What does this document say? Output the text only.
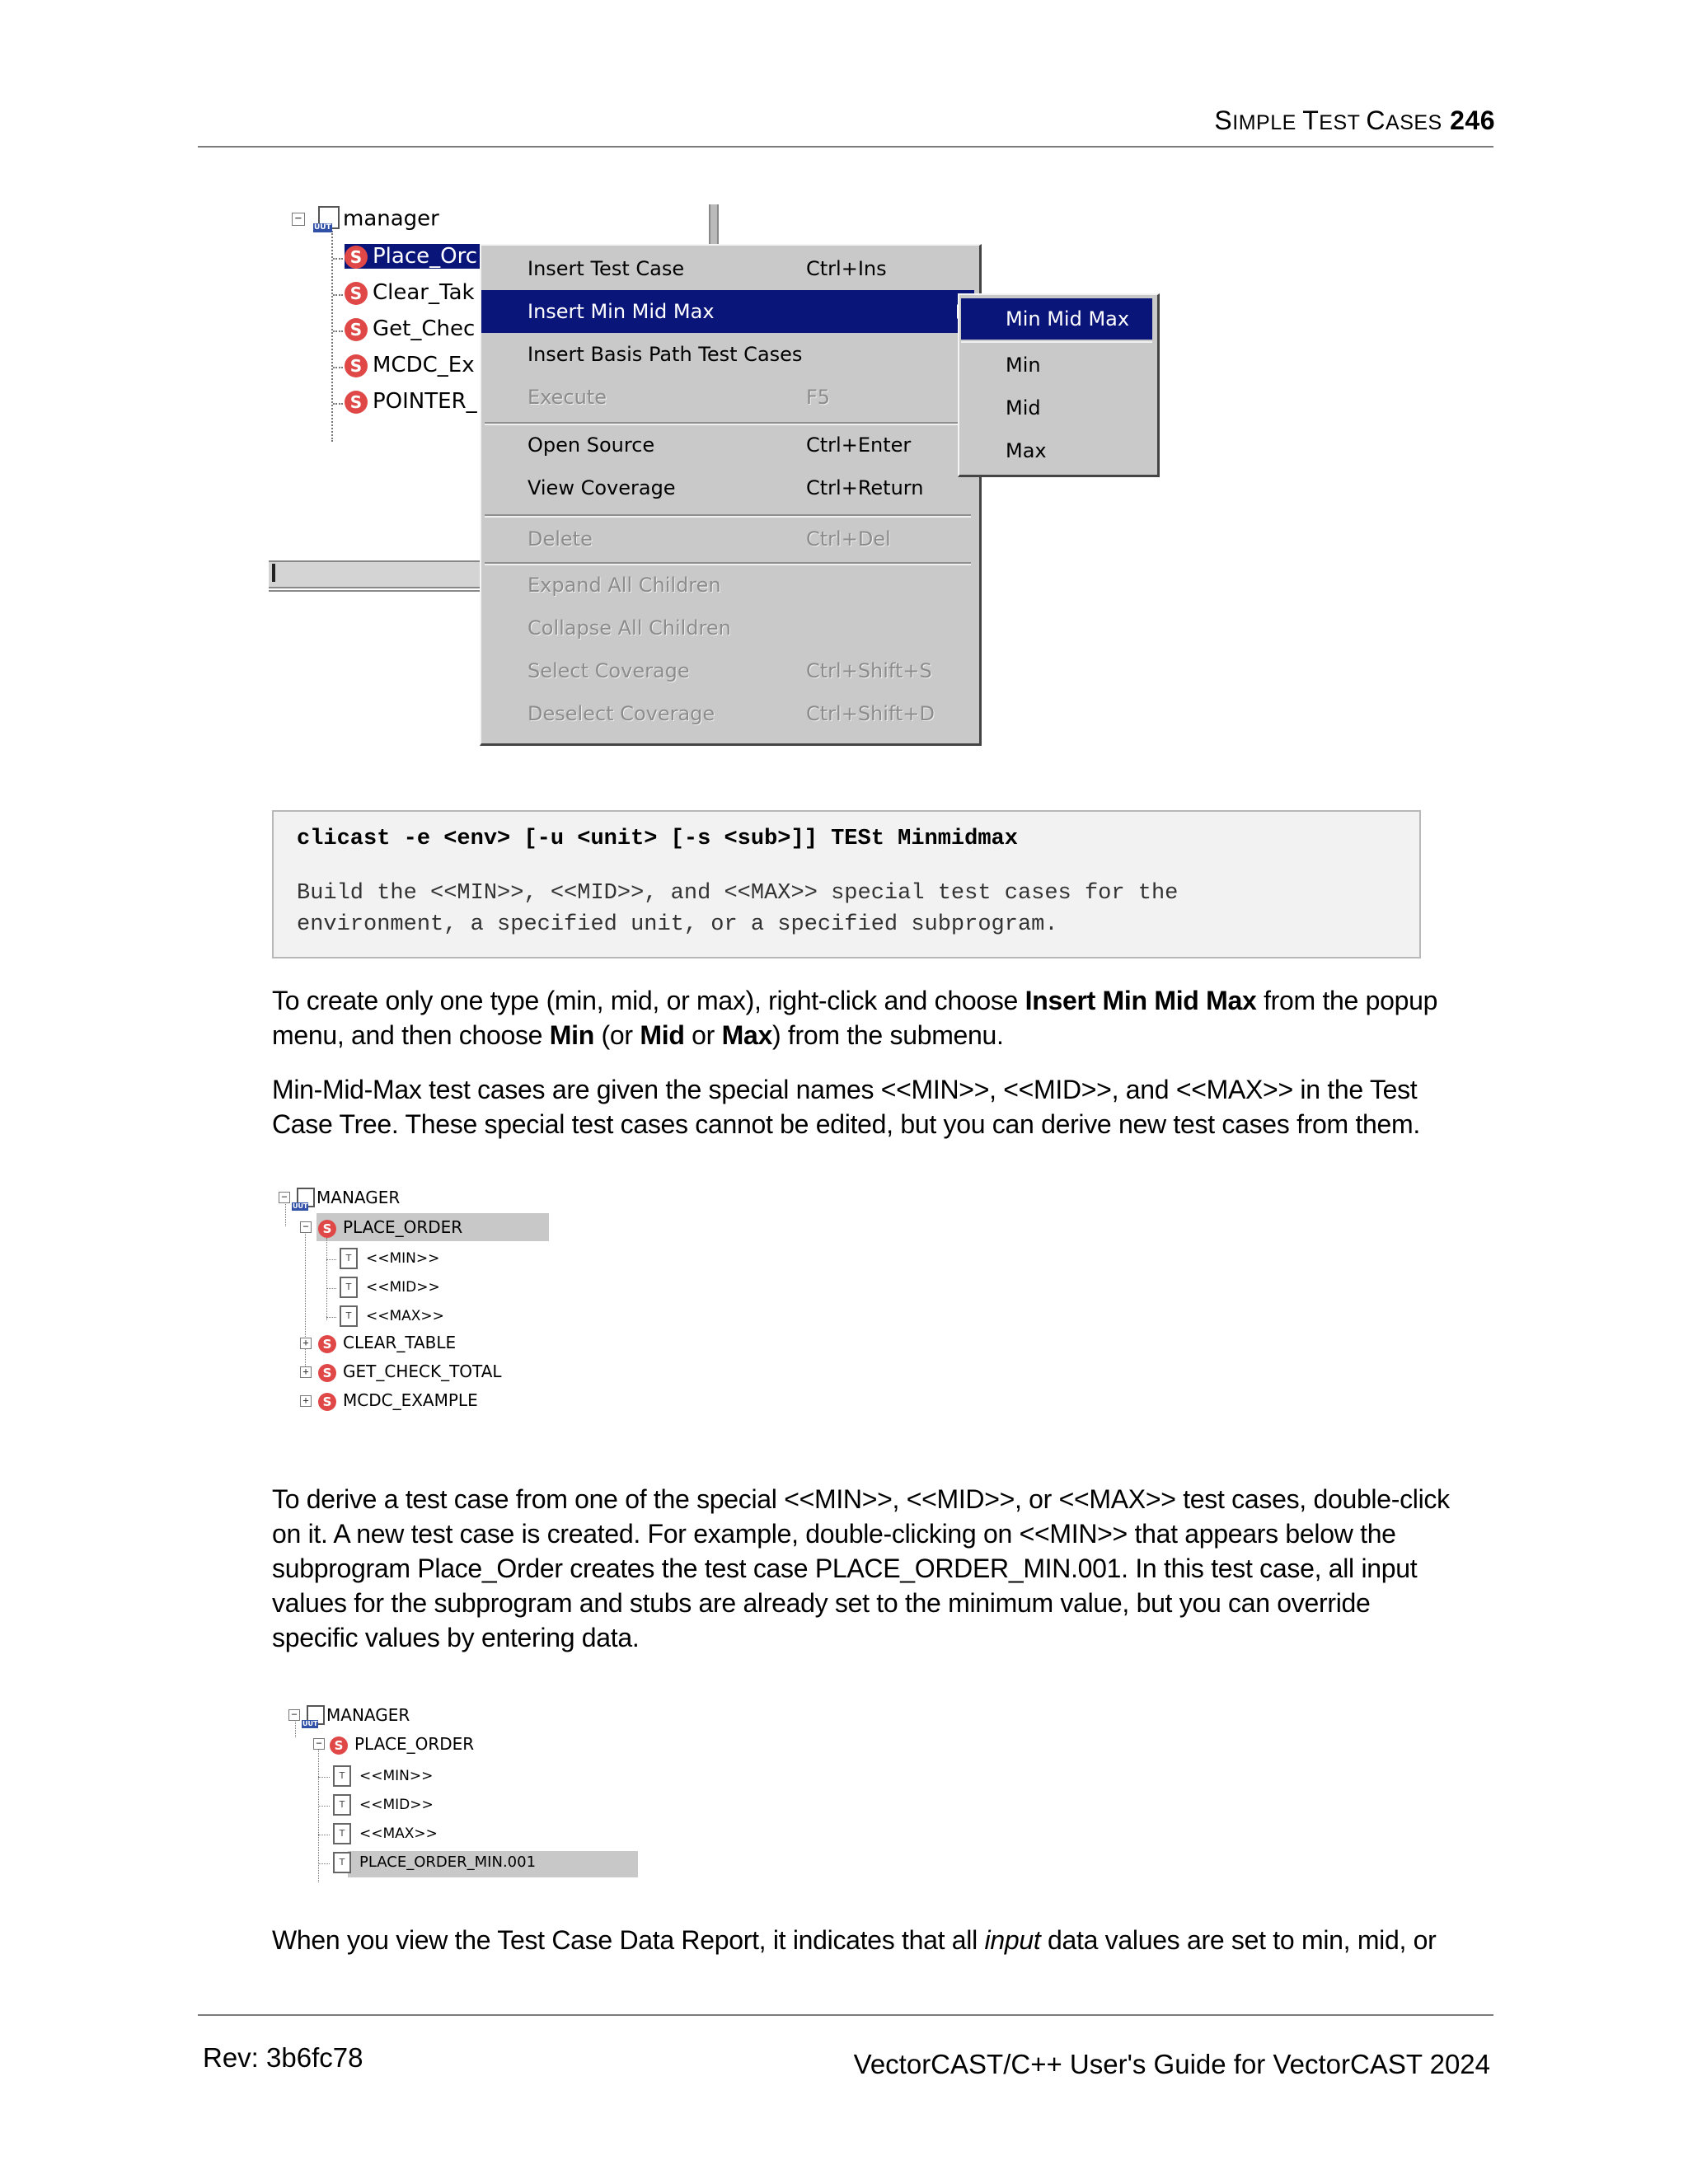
SIMPLE TEST CASES 246
−
UUT manager
S Place_Orc
S Clear_Tak
S Get_Chec
S MCDC_Ex
S POINTER_
Insert Test Case	Ctrl+Ins
Insert Min Mid Max
Insert Basis Path Test Cases
Execute	F5
Open Source	Ctrl+Enter
View Coverage	Ctrl+Return
Delete	Ctrl+Del
Expand All Children
Collapse All Children
Select Coverage	Ctrl+Shift+S
Deselect Coverage	Ctrl+Shift+D
Min Mid Max
Min
Mid
Max
clicast -e <env> [-u <unit> [-s <sub>]] TESt Minmidmax
Build the <<MIN>>, <<MID>>, and <<MAX>> special test cases for the
environment, a specified unit, or a specified subprogram.
To create only one type (min, mid, or max), right-click and choose Insert Min Mid Max from the popup menu, and then choose Min (or Mid or Max) from the submenu.
Min-Mid-Max test cases are given the special names <<MIN>>, <<MID>>, and <<MAX>> in the Test Case Tree. These special test cases cannot be edited, but you can derive new test cases from them.
−
UUT MANAGER
−	S PLACE_ORDER
T <<MIN>>
T <<MID>>
T <<MAX>>
+	S CLEAR_TABLE
+	S GET_CHECK_TOTAL
+	S MCDC_EXAMPLE
To derive a test case from one of the special <<MIN>>, <<MID>>, or <<MAX>> test cases, double-click on it. A new test case is created. For example, double-clicking on <<MIN>> that appears below the subprogram Place_Order creates the test case PLACE_ORDER_MIN.001. In this test case, all input values for the subprogram and stubs are already set to the minimum value, but you can override specific values by entering data.
−
UUT MANAGER
− S PLACE_ORDER
T <<MIN>>
T <<MID>>
T <<MAX>>
T PLACE_ORDER_MIN.001
When you view the Test Case Data Report, it indicates that all input data values are set to min, mid, or
Rev: 3b6fc78	VectorCAST/C++ User's Guide for VectorCAST 2024
